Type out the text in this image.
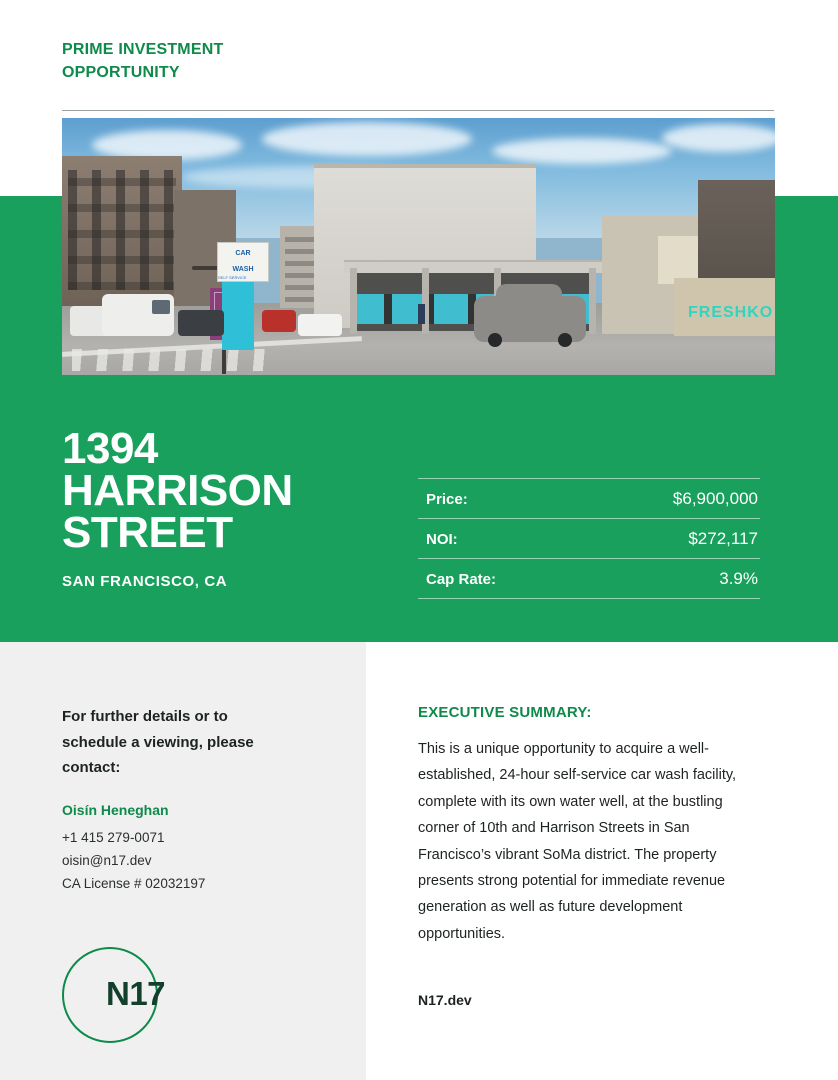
PRIME INVESTMENT OPPORTUNITY
FRESHKO
CAR
WASH
SELF SERVICE
1394
HARRISON
STREET
SAN FRANCISCO, CA
Price:	$6,900,000
NOI:	$272,117
Cap Rate:	3.9%
For further details or to schedule a viewing, please contact:
Oisín Heneghan
+1 415 279-0071
oisin@n17.dev
CA License # 02032197
N17
EXECUTIVE SUMMARY:
This is a unique opportunity to acquire a well-established, 24-hour self-service car wash facility, complete with its own water well, at the bustling corner of 10th and Harrison Streets in San Francisco’s vibrant SoMa district. The property presents strong potential for immediate revenue generation as well as future development opportunities.
N17.dev
